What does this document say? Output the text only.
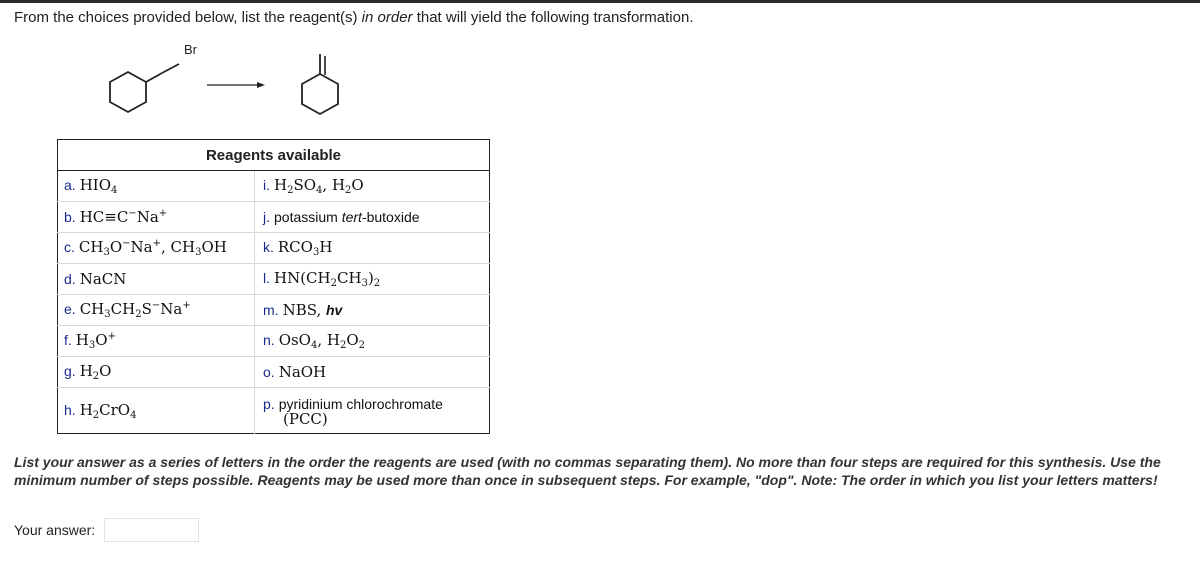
From the choices provided below, list the reagent(s) in order that will yield the following transformation.
Br
Reagents available	
a. $HIO_4$	i. $H_2SO_4$, $H_2O$
b. HC≡C−Na+	j. potassium tert-butoxide
c. $CH_3O^-Na^+$, $CH_3OH$	k. $RCO_3H$
d. NaCN	l. $HN(CH_2CH_3)_2$
e. $CH_3CH_2S^-Na^+$	m. NBS, hv
f. $H_3O^+$	n. OsO$_4$, $H_2O_2$
g. $H_2O$	o. NaOH
h. $H_2CrO_4$	p. pyridinium chlorochromate
(PCC)
List your answer as a series of letters in the order the reagents are used (with no commas separating them). No more than four steps are required for this synthesis. Use the minimum number of steps possible. Reagents may be used more than once in subsequent steps. For example, "dop". Note: The order in which you list your letters matters!
Your answer:
